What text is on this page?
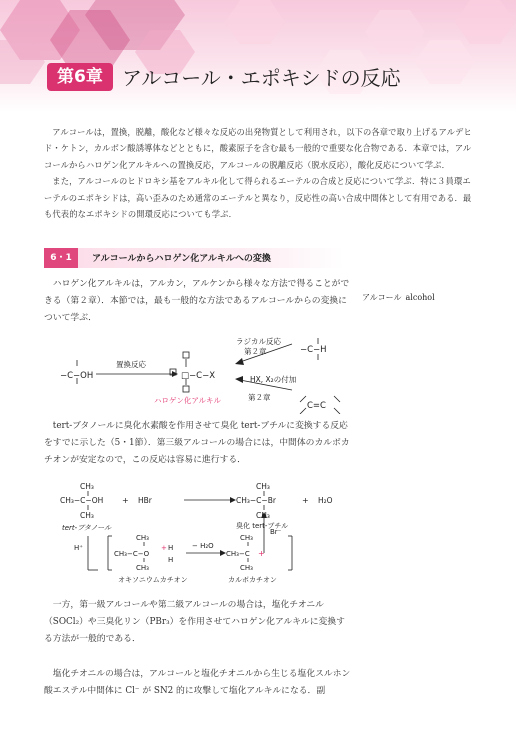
第6章 アルコール・エポキシドの反応

アルコールは，置換，脱離，酸化など様々な反応の出発物質として利用され，以下の各章で取り上げるアルデヒド・ケトン，カルボン酸誘導体などとともに，酸素原子を含む最も一般的で重要な化合物である．本章では，アルコールからハロゲン化アルキルへの置換反応，アルコールの脱離反応（脱水反応），酸化反応について学ぶ．

また，アルコールのヒドロキシ基をアルキル化して得られるエーテルの合成と反応について学ぶ．特に３員環エーテルのエポキシドは，高い歪みのため通常のエーテルと異なり，反応性の高い合成中間体として有用である．最も代表的なエポキシドの開環反応についても学ぶ．

6・1	アルコールからハロゲン化アルキルへの変換

ハロゲン化アルキルは，アルカン，アルケンから様々な方法で得ることができる（第２章）．本節では，最も一般的な方法であるアルコールからの変換について学ぶ．

アルコール alcohol
−C−OH
置換反応
□−C−X
ハロゲン化アルキル
ラジカル反応
第２章	−C−H
HX, X₂の付加
第２章
C=C

tert-ブタノールに臭化水素酸を作用させて臭化 tert-ブチルに変換する反応をすでに示した（5・1節）．第三級アルコールの場合には，中間体のカルボカチオンが安定なので，この反応は容易に進行する．

CH₃
CH₃−C−OH
CH₃
+ HBr
CH₃
CH₃−C−Br
CH₃
+ H₂O
tert-ブタノール	臭化 tert-ブチル
H⁺
CH₃
CH₃−C−O
H
H
+
CH₃
オキソニウムカチオン
− H₂O
CH₃
CH₃−C +
CH₃
カルボカチオン
Br⁻

一方，第一級アルコールや第二級アルコールの場合は，塩化チオニル（SOCl₂）や三臭化リン（PBr₃）を作用させてハロゲン化アルキルに変換する方法が一般的である．

塩化チオニルの場合は，アルコールと塩化チオニルから生じる塩化スルホン酸エステル中間体に Cl⁻ が SN2 的に攻撃して塩化アルキルになる．副
